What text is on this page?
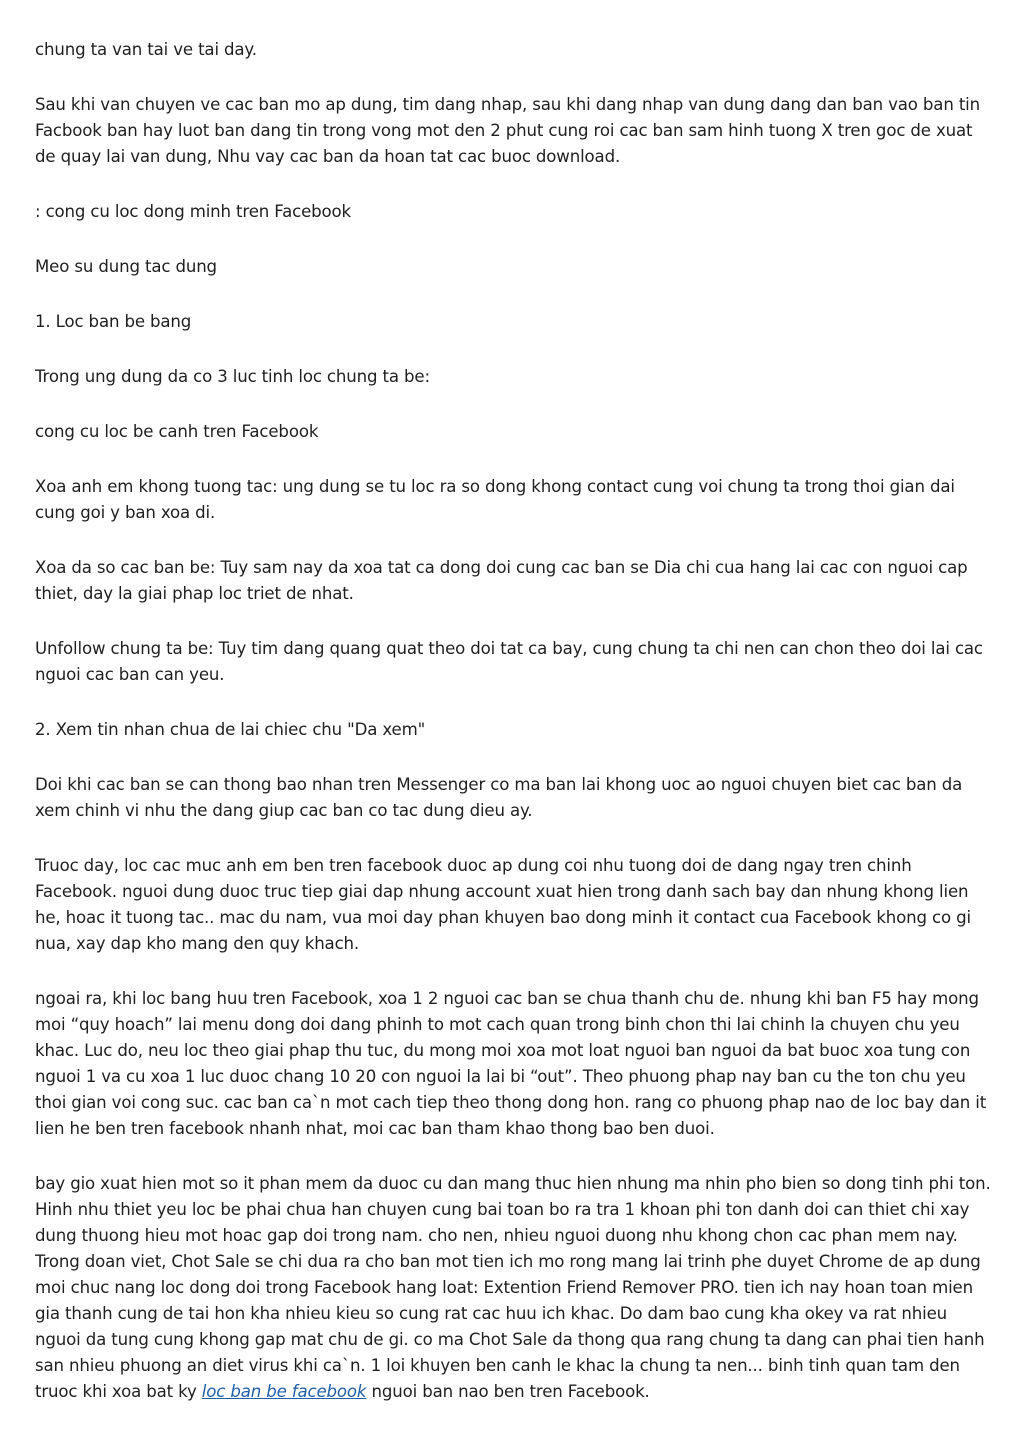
chung ta van tai ve tai day.

Sau khi van chuyen ve cac ban mo ap dung, tim dang nhap, sau khi dang nhap van dung dang dan ban vao ban tin Facbook ban hay luot ban dang tin trong vong mot den 2 phut cung roi cac ban sam hinh tuong X tren goc de xuat de quay lai van dung, Nhu vay cac ban da hoan tat cac buoc download.

: cong cu loc dong minh tren Facebook

Meo su dung tac dung

1. Loc ban be bang

Trong ung dung da co 3 luc tinh loc chung ta be:

cong cu loc be canh tren Facebook

Xoa anh em khong tuong tac: ung dung se tu loc ra so dong khong contact cung voi chung ta trong thoi gian dai cung goi y ban xoa di.

Xoa da so cac ban be: Tuy sam nay da xoa tat ca dong doi cung cac ban se Dia chi cua hang lai cac con nguoi cap thiet, day la giai phap loc triet de nhat.

Unfollow chung ta be: Tuy tim dang quang quat theo doi tat ca bay, cung chung ta chi nen can chon theo doi lai cac nguoi cac ban can yeu.

2. Xem tin nhan chua de lai chiec chu "Da xem"

Doi khi cac ban se can thong bao nhan tren Messenger co ma ban lai khong uoc ao nguoi chuyen biet cac ban da xem chinh vi nhu the dang giup cac ban co tac dung dieu ay.

Truoc day, loc cac muc anh em ben tren facebook duoc ap dung coi nhu tuong doi de dang ngay tren chinh Facebook. nguoi dung duoc truc tiep giai dap nhung account xuat hien trong danh sach bay dan nhung khong lien he, hoac it tuong tac.. mac du nam, vua moi day phan khuyen bao dong minh it contact cua Facebook khong co gi nua, xay dap kho mang den quy khach.

ngoai ra, khi loc bang huu tren Facebook, xoa 1 2 nguoi cac ban se chua thanh chu de. nhung khi ban F5 hay mong moi “quy hoach” lai menu dong doi dang phinh to mot cach quan trong binh chon thi lai chinh la chuyen chu yeu khac. Luc do, neu loc theo giai phap thu tuc, du mong moi xoa mot loat nguoi ban nguoi da bat buoc xoa tung con nguoi 1 va cu xoa 1 luc duoc chang 10 20 con nguoi la lai bi “out”. Theo phuong phap nay ban cu the ton chu yeu thoi gian voi cong suc. cac ban ca`n mot cach tiep theo thong dong hon. rang co phuong phap nao de loc bay dan it lien he ben tren facebook nhanh nhat, moi cac ban tham khao thong bao ben duoi.

bay gio xuat hien mot so it phan mem da duoc cu dan mang thuc hien nhung ma nhin pho bien so dong tinh phi ton. Hinh nhu thiet yeu loc be phai chua han chuyen cung bai toan bo ra tra 1 khoan phi ton danh doi can thiet chi xay dung thuong hieu mot hoac gap doi trong nam. cho nen, nhieu nguoi duong nhu khong chon cac phan mem nay. Trong doan viet, Chot Sale se chi dua ra cho ban mot tien ich mo rong mang lai trinh phe duyet Chrome de ap dung moi chuc nang loc dong doi trong Facebook hang loat: Extention Friend Remover PRO. tien ich nay hoan toan mien gia thanh cung de tai hon kha nhieu kieu so cung rat cac huu ich khac. Do dam bao cung kha okey va rat nhieu nguoi da tung cung khong gap mat chu de gi. co ma Chot Sale da thong qua rang chung ta dang can phai tien hanh san nhieu phuong an diet virus khi ca`n. 1 loi khuyen ben canh le khac la chung ta nen... binh tinh quan tam den truoc khi xoa bat ky loc ban be facebook nguoi ban nao ben tren Facebook.
